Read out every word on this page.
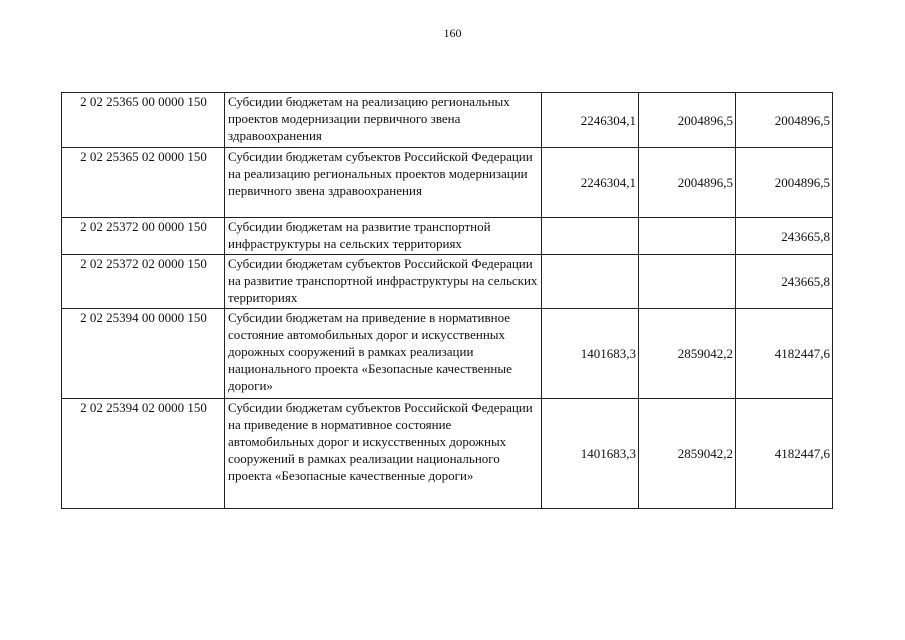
160
2 02 25365 00 0000 150	Субсидии бюджетам на реализацию региональных проектов модернизации первичного звена здравоохранения	2246304,1	2004896,5	2004896,5
2 02 25365 02 0000 150	Субсидии бюджетам субъектов Российской Федерации на реализацию региональных проектов модернизации первичного звена здравоохранения	2246304,1	2004896,5	2004896,5
2 02 25372 00 0000 150	Субсидии бюджетам на развитие транспортной инфраструктуры на сельских территориях			243665,8
2 02 25372 02 0000 150	Субсидии бюджетам субъектов Российской Федерации на развитие транспортной инфраструктуры на сельских территориях			243665,8
2 02 25394 00 0000 150	Субсидии бюджетам на приведение в нормативное состояние автомобильных дорог и искусственных дорожных сооружений в рамках реализации национального проекта «Безопасные качественные дороги»	1401683,3	2859042,2	4182447,6
2 02 25394 02 0000 150	Субсидии бюджетам субъектов Российской Федерации на приведение в нормативное состояние автомобильных дорог и искусственных дорожных сооружений в рамках реализации национального проекта «Безопасные качественные дороги»	1401683,3	2859042,2	4182447,6
